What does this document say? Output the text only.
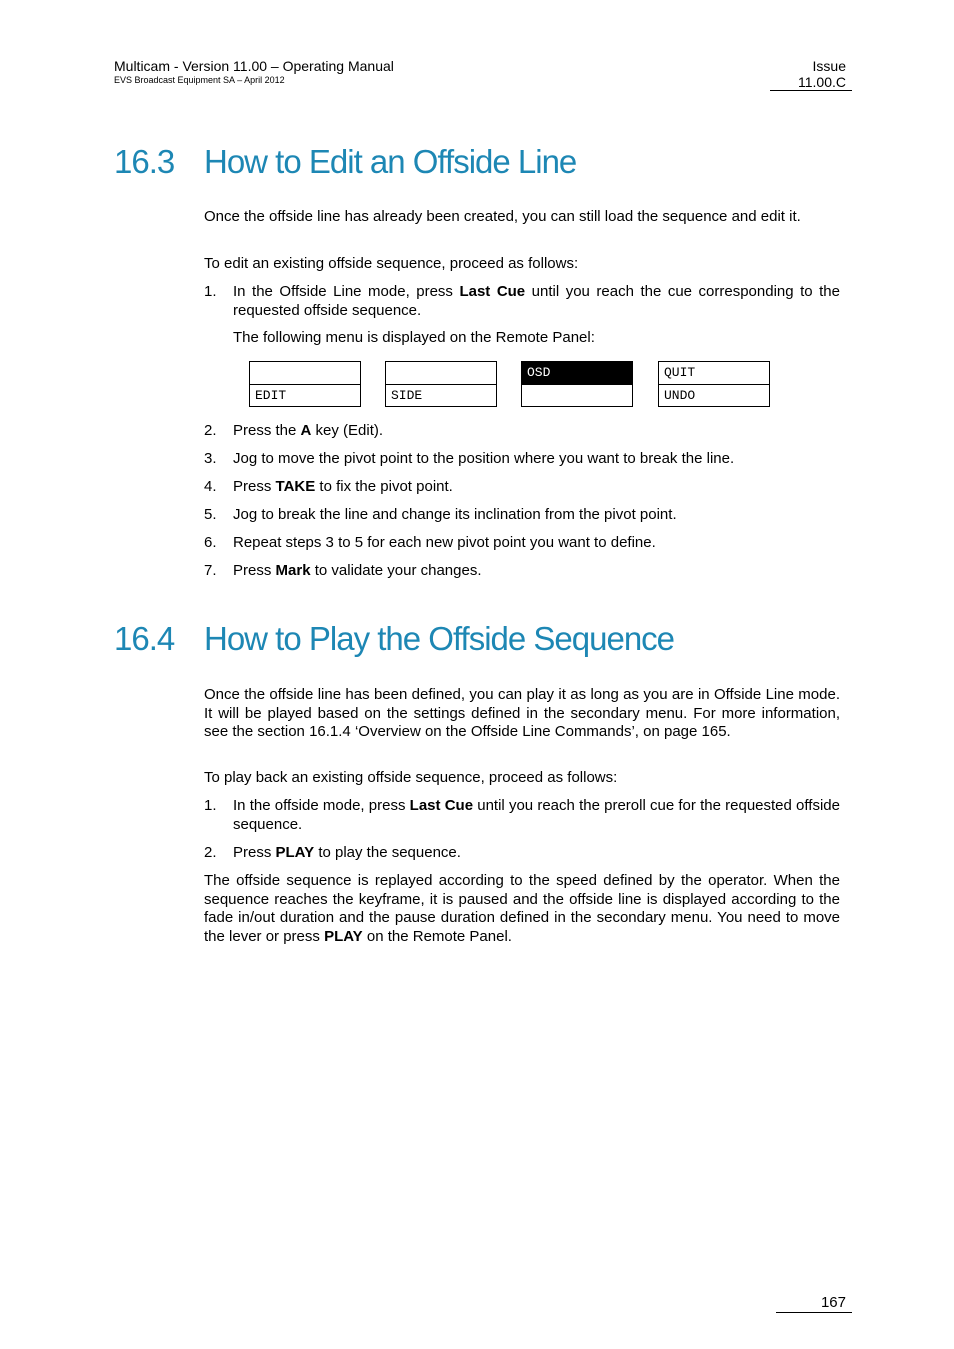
Multicam - Version 11.00 – Operating Manual
EVS Broadcast Equipment SA – April 2012
Issue
11.00.C
16.3 How to Edit an Offside Line

Once the offside line has already been created, you can still load the sequence and edit it.

To edit an existing offside sequence, proceed as follows:

1. In the Offside Line mode, press Last Cue until you reach the cue corresponding to the requested offside sequence.

The following menu is displayed on the Remote Panel:

EDIT	SIDE
OSD	QUIT
UNDO
2. Press the A key (Edit).
3. Jog to move the pivot point to the position where you want to break the line.
4. Press TAKE to fix the pivot point.
5. Jog to break the line and change its inclination from the pivot point.
6. Repeat steps 3 to 5 for each new pivot point you want to define.
7. Press Mark to validate your changes.
16.4 How to Play the Offside Sequence

Once the offside line has been defined, you can play it as long as you are in Offside Line mode. It will be played based on the settings defined in the secondary menu. For more information, see the section 16.1.4 ‘Overview on the Offside Line Commands’, on page 165.

To play back an existing offside sequence, proceed as follows:

1. In the offside mode, press Last Cue until you reach the preroll cue for the requested offside sequence.
2. Press PLAY to play the sequence.

The offside sequence is replayed according to the speed defined by the operator. When the sequence reaches the keyframe, it is paused and the offside line is displayed according to the fade in/out duration and the pause duration defined in the secondary menu. You need to move the lever or press PLAY on the Remote Panel.

167
